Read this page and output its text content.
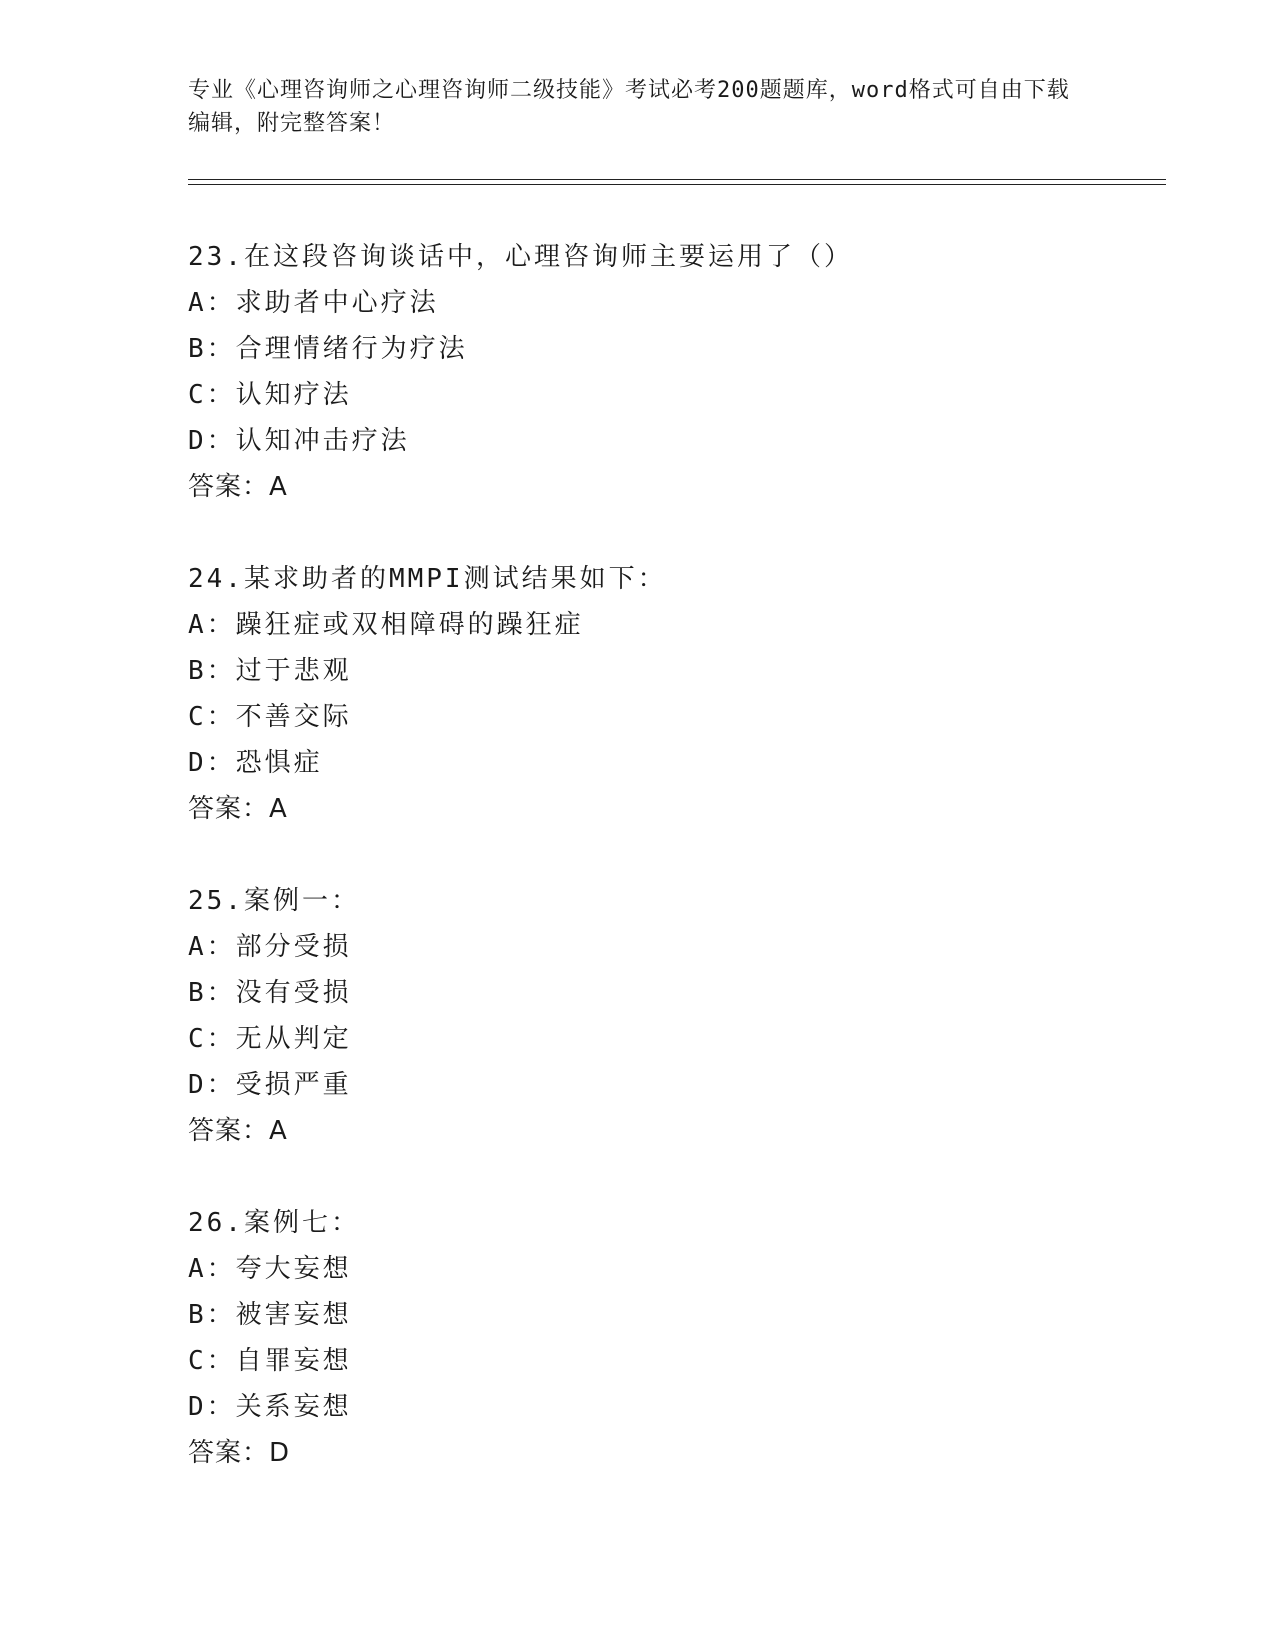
专业《心理咨询师之心理咨询师二级技能》考试必考200题题库，word格式可自由下载编辑，附完整答案！
23.在这段咨询谈话中，心理咨询师主要运用了（）
A：求助者中心疗法
B：合理情绪行为疗法
C：认知疗法
D：认知冲击疗法
答案：A
24.某求助者的MMPI测试结果如下：
A：躁狂症或双相障碍的躁狂症
B：过于悲观
C：不善交际
D：恐惧症
答案：A
25.案例一：
A：部分受损
B：没有受损
C：无从判定
D：受损严重
答案：A
26.案例七：
A：夸大妄想
B：被害妄想
C：自罪妄想
D：关系妄想
答案：D
